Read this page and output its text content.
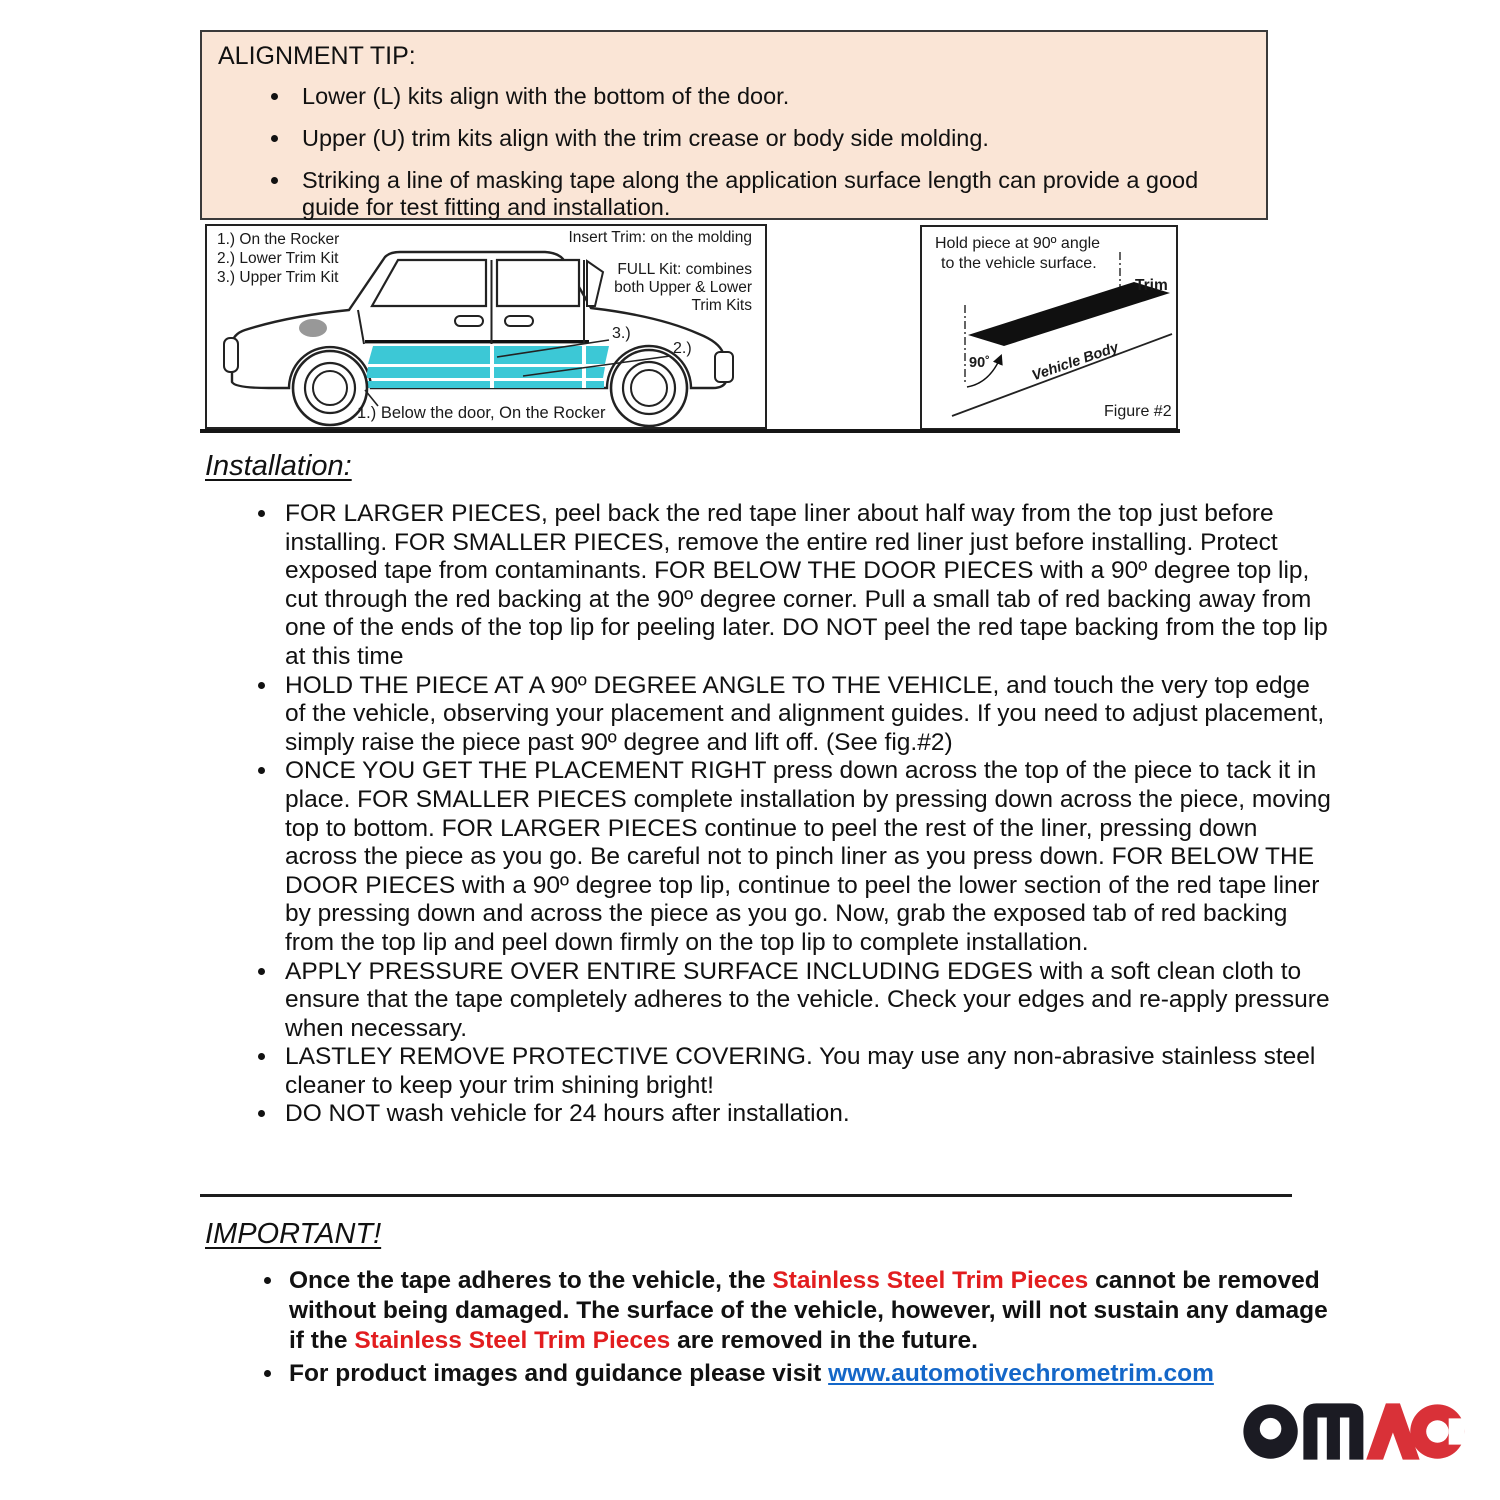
ALIGNMENT TIP:
• Lower (L) kits align with the bottom of the door.
• Upper (U) trim kits align with the trim crease or body side molding.
• Striking a line of masking tape along the application surface length can provide a good guide for test fitting and installation.
1.) On the Rocker
2.) Lower Trim Kit
3.) Upper Trim Kit
Insert Trim: on the molding
FULL Kit: combines
both Upper & Lower
Trim Kits
3.)
2.)
1.) Below the door, On the Rocker
Hold piece at 90º angle
to the vehicle surface.
Trim
Vehicle Body
90˚
Figure #2
Installation:
• FOR LARGER PIECES, peel back the red tape liner about half way from the top just before installing. FOR SMALLER PIECES, remove the entire red liner just before installing. Protect exposed tape from contaminants. FOR BELOW THE DOOR PIECES with a 90º degree top lip, cut through the red backing at the 90º degree corner. Pull a small tab of red backing away from one of the ends of the top lip for peeling later. DO NOT peel the red tape backing from the top lip at this time
• HOLD THE PIECE AT A 90º DEGREE ANGLE TO THE VEHICLE, and touch the very top edge of the vehicle, observing your placement and alignment guides. If you need to adjust placement, simply raise the piece past 90º degree and lift off. (See fig.#2)
• ONCE YOU GET THE PLACEMENT RIGHT press down across the top of the piece to tack it in place. FOR SMALLER PIECES complete installation by pressing down across the piece, moving top to bottom. FOR LARGER PIECES continue to peel the rest of the liner, pressing down across the piece as you go. Be careful not to pinch liner as you press down. FOR BELOW THE DOOR PIECES with a 90º degree top lip, continue to peel the lower section of the red tape liner by pressing down and across the piece as you go. Now, grab the exposed tab of red backing from the top lip and peel down firmly on the top lip to complete installation.
• APPLY PRESSURE OVER ENTIRE SURFACE INCLUDING EDGES with a soft clean cloth to ensure that the tape completely adheres to the vehicle. Check your edges and re-apply pressure when necessary.
• LASTLEY REMOVE PROTECTIVE COVERING. You may use any non-abrasive stainless steel cleaner to keep your trim shining bright!
• DO NOT wash vehicle for 24 hours after installation.
IMPORTANT!
• Once the tape adheres to the vehicle, the Stainless Steel Trim Pieces cannot be removed without being damaged. The surface of the vehicle, however, will not sustain any damage if the Stainless Steel Trim Pieces are removed in the future.
• For product images and guidance please visit www.automotivechrometrim.com
